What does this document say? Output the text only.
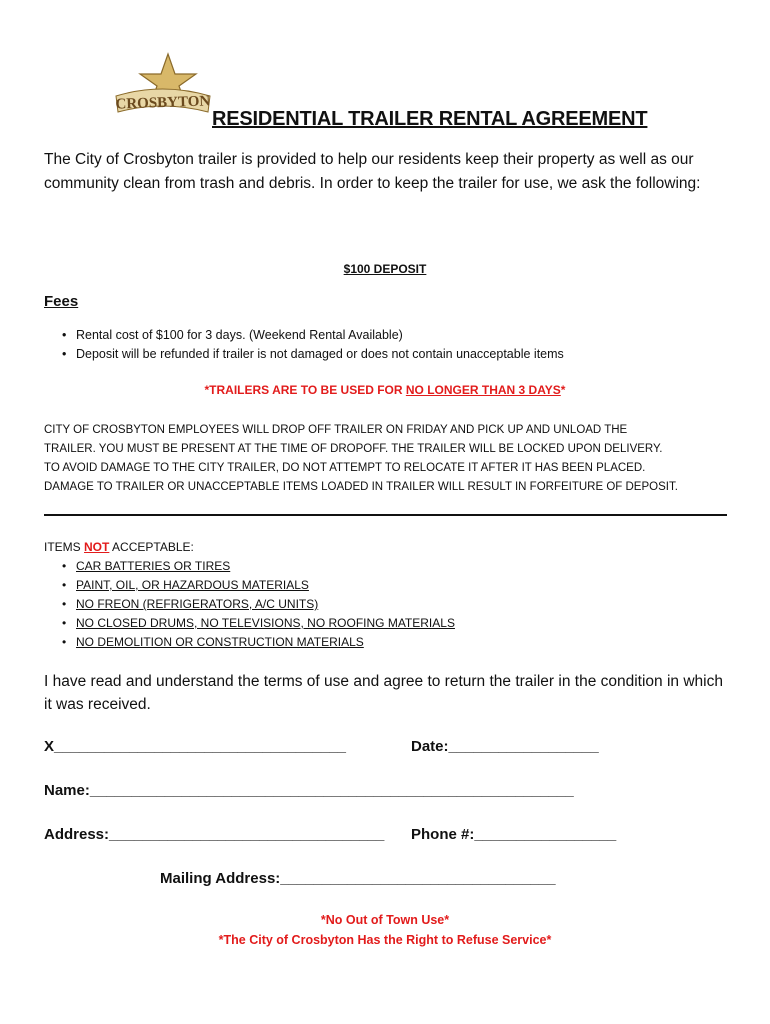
CROSBYTON
RESIDENTIAL TRAILER RENTAL AGREEMENT
The City of Crosbyton trailer is provided to help our residents keep their property as well as our community clean from trash and debris. In order to keep the trailer for use, we ask the following:
$100 DEPOSIT
Fees
• Rental cost of $100 for 3 days. (Weekend Rental Available)
• Deposit will be refunded if trailer is not damaged or does not contain unacceptable items
*TRAILERS ARE TO BE USED FOR NO LONGER THAN 3 DAYS*
CITY OF CROSBYTON EMPLOYEES WILL DROP OFF TRAILER ON FRIDAY AND PICK UP AND UNLOAD THE
TRAILER. YOU MUST BE PRESENT AT THE TIME OF DROPOFF. THE TRAILER WILL BE LOCKED UPON DELIVERY.
TO AVOID DAMAGE TO THE CITY TRAILER, DO NOT ATTEMPT TO RELOCATE IT AFTER IT HAS BEEN PLACED.
DAMAGE TO TRAILER OR UNACCEPTABLE ITEMS LOADED IN TRAILER WILL RESULT IN FORFEITURE OF DEPOSIT.
ITEMS NOT ACCEPTABLE:
• CAR BATTERIES OR TIRES
• PAINT, OIL, OR HAZARDOUS MATERIALS
• NO FREON (REFRIGERATORS, A/C UNITS)
• NO CLOSED DRUMS, NO TELEVISIONS, NO ROOFING MATERIALS
• NO DEMOLITION OR CONSTRUCTION MATERIALS
I have read and understand the terms of use and agree to return the trailer in the condition in which it was received.
X___________________________________	Date:__________________
Name:__________________________________________________________
Address:_________________________________ Phone #:_________________
Mailing Address:_________________________________
*No Out of Town Use*
*The City of Crosbyton Has the Right to Refuse Service*
